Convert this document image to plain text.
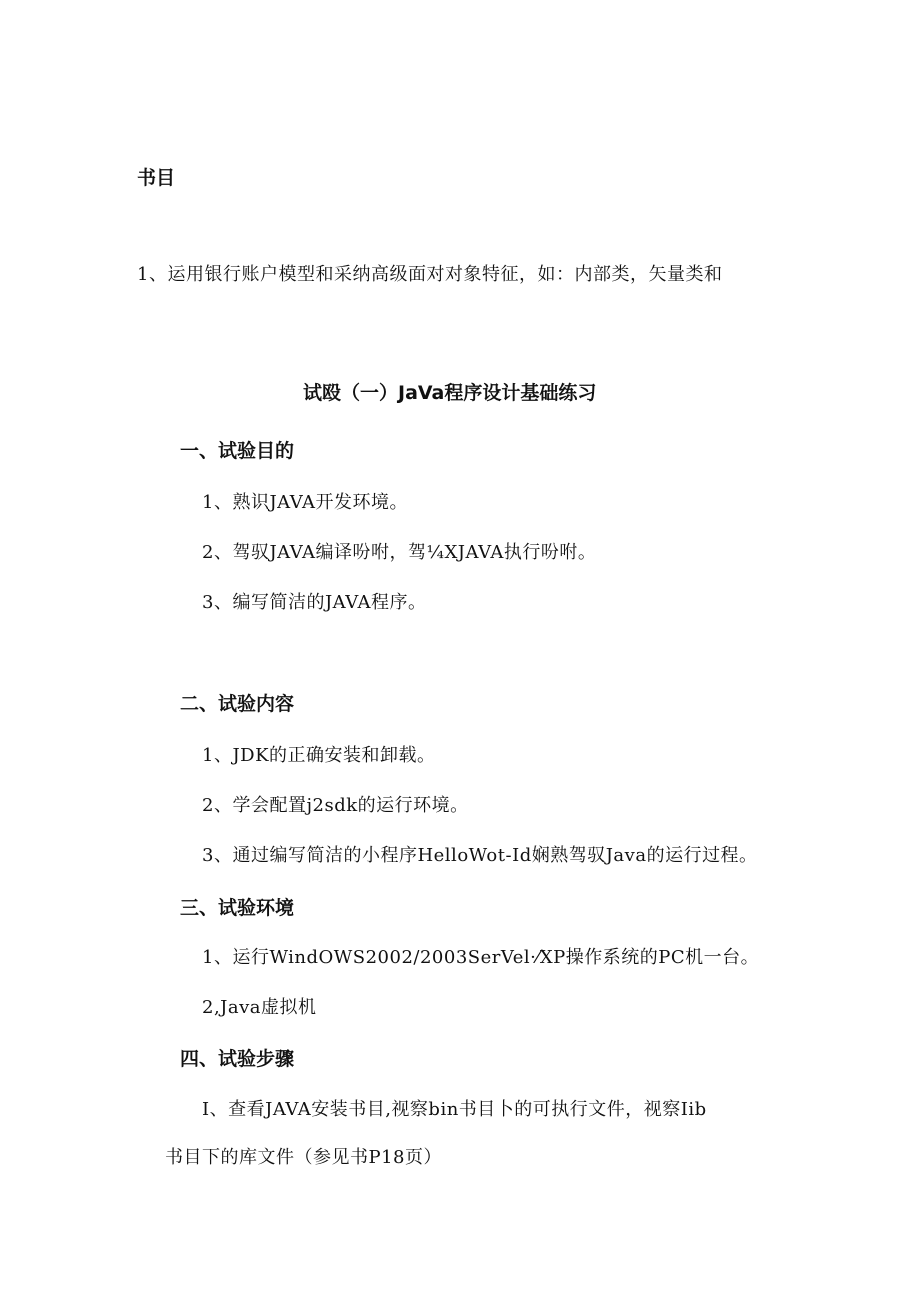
书目
1、运用银行账户模型和采纳高级面对对象特征，如：内部类，矢量类和
试殴（一）JaVa程序设计基础练习
一、试验目的
1、熟识JAVA开发环境。
2、驾驭JAVA编译吩咐，驾¼XJAVA执行吩咐。
3、编写简洁的JAVA程序。
二、试验内容
1、JDK的正确安装和卸载。
2、学会配置j2sdk的运行环境。
3、通过编写简洁的小程序HelloWot-Id娴熟驾驭Java的运行过程。
三、试验环境
1、运行WindOWS2002/2003SerVel·⁄XP操作系统的PC机一台。
2,Java虚拟机
四、试验步骤
I、查看JAVA安装书目,视察bin书目卜的可执行文件，视察Iib
书目下的库文件（参见书P18页）
